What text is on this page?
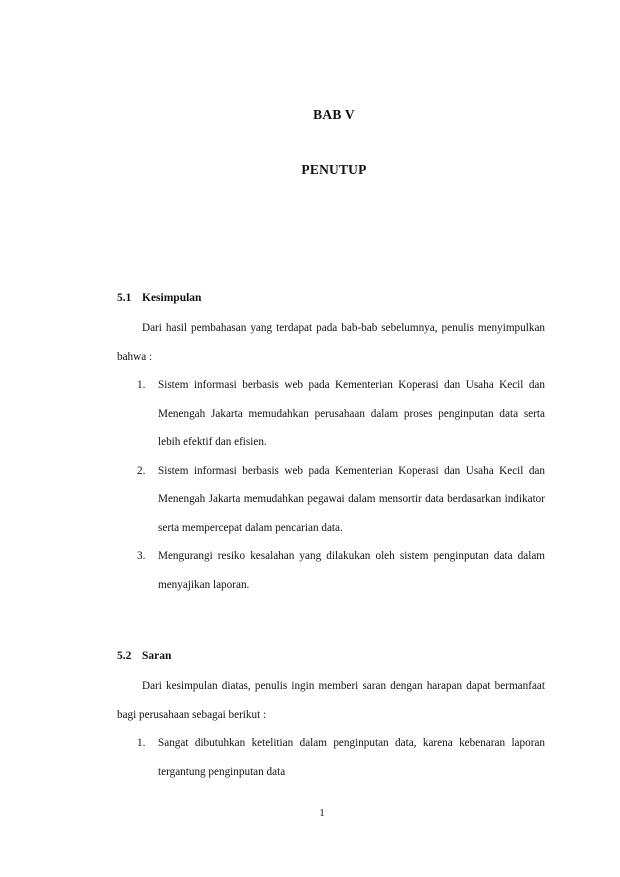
BAB V
PENUTUP
5.1 Kesimpulan

Dari hasil pembahasan yang terdapat pada bab-bab sebelumnya, penulis menyimpulkan bahwa :

1. Sistem informasi berbasis web pada Kementerian Koperasi dan Usaha Kecil dan Menengah Jakarta memudahkan perusahaan dalam proses penginputan data serta lebih efektif dan efisien.
2. Sistem informasi berbasis web pada Kementerian Koperasi dan Usaha Kecil dan Menengah Jakarta memudahkan pegawai dalam mensortir data berdasarkan indikator serta mempercepat dalam pencarian data.
3. Mengurangi resiko kesalahan yang dilakukan oleh sistem penginputan data dalam menyajikan laporan.
5.2 Saran

Dari kesimpulan diatas, penulis ingin memberi saran dengan harapan dapat bermanfaat bagi perusahaan sebagai berikut :

1. Sangat dibutuhkan ketelitian dalam penginputan data, karena kebenaran laporan tergantung penginputan data

1
